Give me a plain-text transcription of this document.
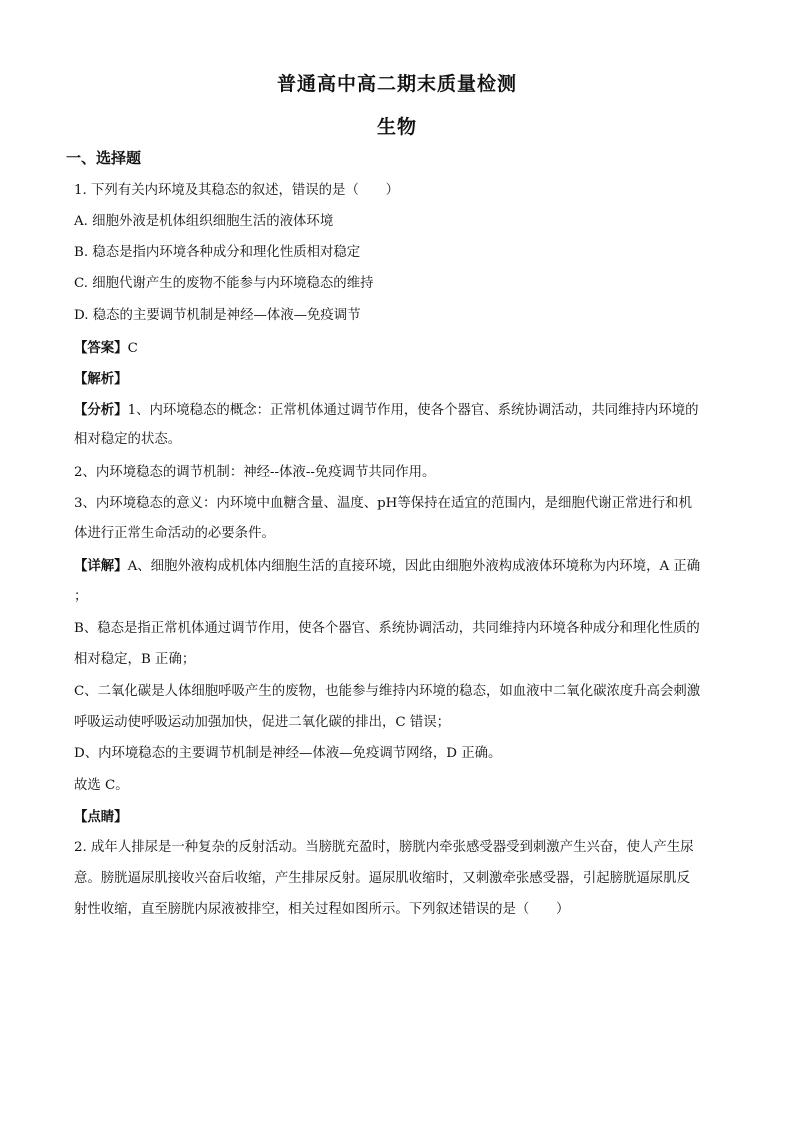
普通高中高二期末质量检测
生物
一、选择题
1. 下列有关内环境及其稳态的叙述，错误的是（　　）
A. 细胞外液是机体组织细胞生活的液体环境
B. 稳态是指内环境各种成分和理化性质相对稳定
C. 细胞代谢产生的废物不能参与内环境稳态的维持
D. 稳态的主要调节机制是神经—体液—免疫调节
【答案】C
【解析】
【分析】1、内环境稳态的概念：正常机体通过调节作用，使各个器官、系统协调活动，共同维持内环境的
相对稳定的状态。
2、内环境稳态的调节机制：神经--体液--免疫调节共同作用。
3、内环境稳态的意义：内环境中血糖含量、温度、pH等保持在适宜的范围内，是细胞代谢正常进行和机
体进行正常生命活动的必要条件。
【详解】A、细胞外液构成机体内细胞生活的直接环境，因此由细胞外液构成液体环境称为内环境，A 正确
；
B、稳态是指正常机体通过调节作用，使各个器官、系统协调活动，共同维持内环境各种成分和理化性质的
相对稳定，B 正确；
C、二氧化碳是人体细胞呼吸产生的废物，也能参与维持内环境的稳态，如血液中二氧化碳浓度升高会刺激
呼吸运动使呼吸运动加强加快，促进二氧化碳的排出，C 错误；
D、内环境稳态的主要调节机制是神经—体液—免疫调节网络，D 正确。
故选 C。
【点睛】
2. 成年人排尿是一种复杂的反射活动。当膀胱充盈时，膀胱内牵张感受器受到刺激产生兴奋，使人产生尿
意。膀胱逼尿肌接收兴奋后收缩，产生排尿反射。逼尿肌收缩时，又刺激牵张感受器，引起膀胱逼尿肌反
射性收缩，直至膀胱内尿液被排空，相关过程如图所示。下列叙述错误的是（　　）
